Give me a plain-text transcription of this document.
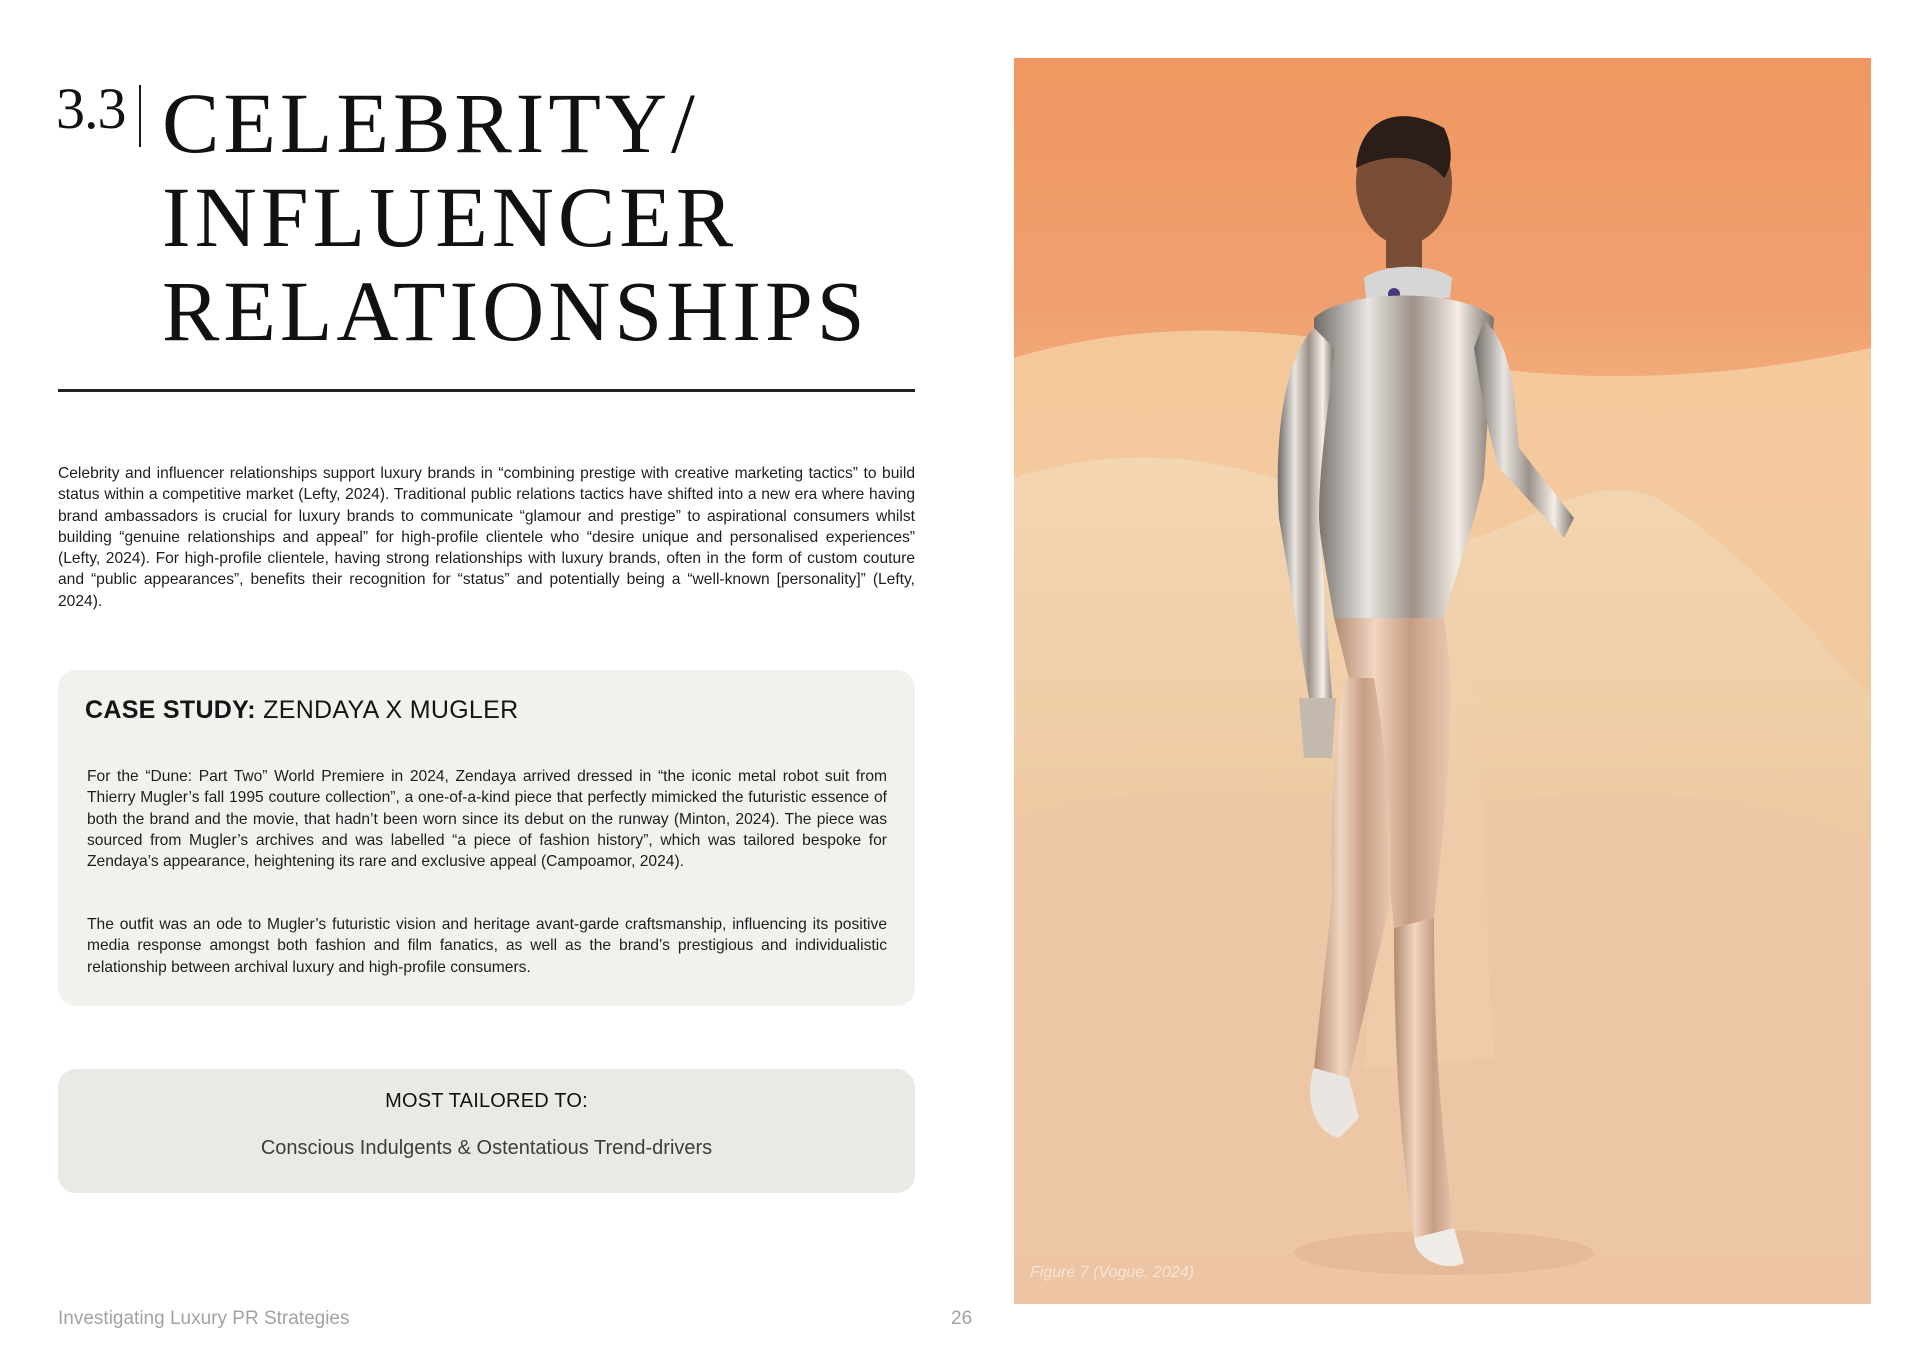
3.3 CELEBRITY/
INFLUENCER
RELATIONSHIPS

Celebrity and influencer relationships support luxury brands in “combining prestige with creative marketing tactics” to build status within a competitive market (Lefty, 2024). Traditional public relations tactics have shifted into a new era where having brand ambassadors is crucial for luxury brands to communicate “glamour and prestige” to aspirational consumers whilst building “genuine relationships and appeal” for high-profile clientele who “desire unique and personalised experiences” (Lefty, 2024). For high-profile clientele, having strong relationships with luxury brands, often in the form of custom couture and “public appearances”, benefits their recognition for “status” and potentially being a “well-known [personality]” (Lefty, 2024).

CASE STUDY: ZENDAYA X MUGLER

For the “Dune: Part Two” World Premiere in 2024, Zendaya arrived dressed in “the iconic metal robot suit from Thierry Mugler’s fall 1995 couture collection”, a one-of-a-kind piece that perfectly mimicked the futuristic essence of both the brand and the movie, that hadn’t been worn since its debut on the runway (Minton, 2024). The piece was sourced from Mugler’s archives and was labelled “a piece of fashion history”, which was tailored bespoke for Zendaya’s appearance, heightening its rare and exclusive appeal (Campoamor, 2024).

The outfit was an ode to Mugler’s futuristic vision and heritage avant-garde craftsmanship, influencing its positive media response amongst both fashion and film fanatics, as well as the brand’s prestigious and individualistic relationship between archival luxury and high-profile consumers.

MOST TAILORED TO:
Conscious Indulgents & Ostentatious Trend-drivers
Figure 7 (Vogue, 2024)
Investigating Luxury PR Strategies	26
